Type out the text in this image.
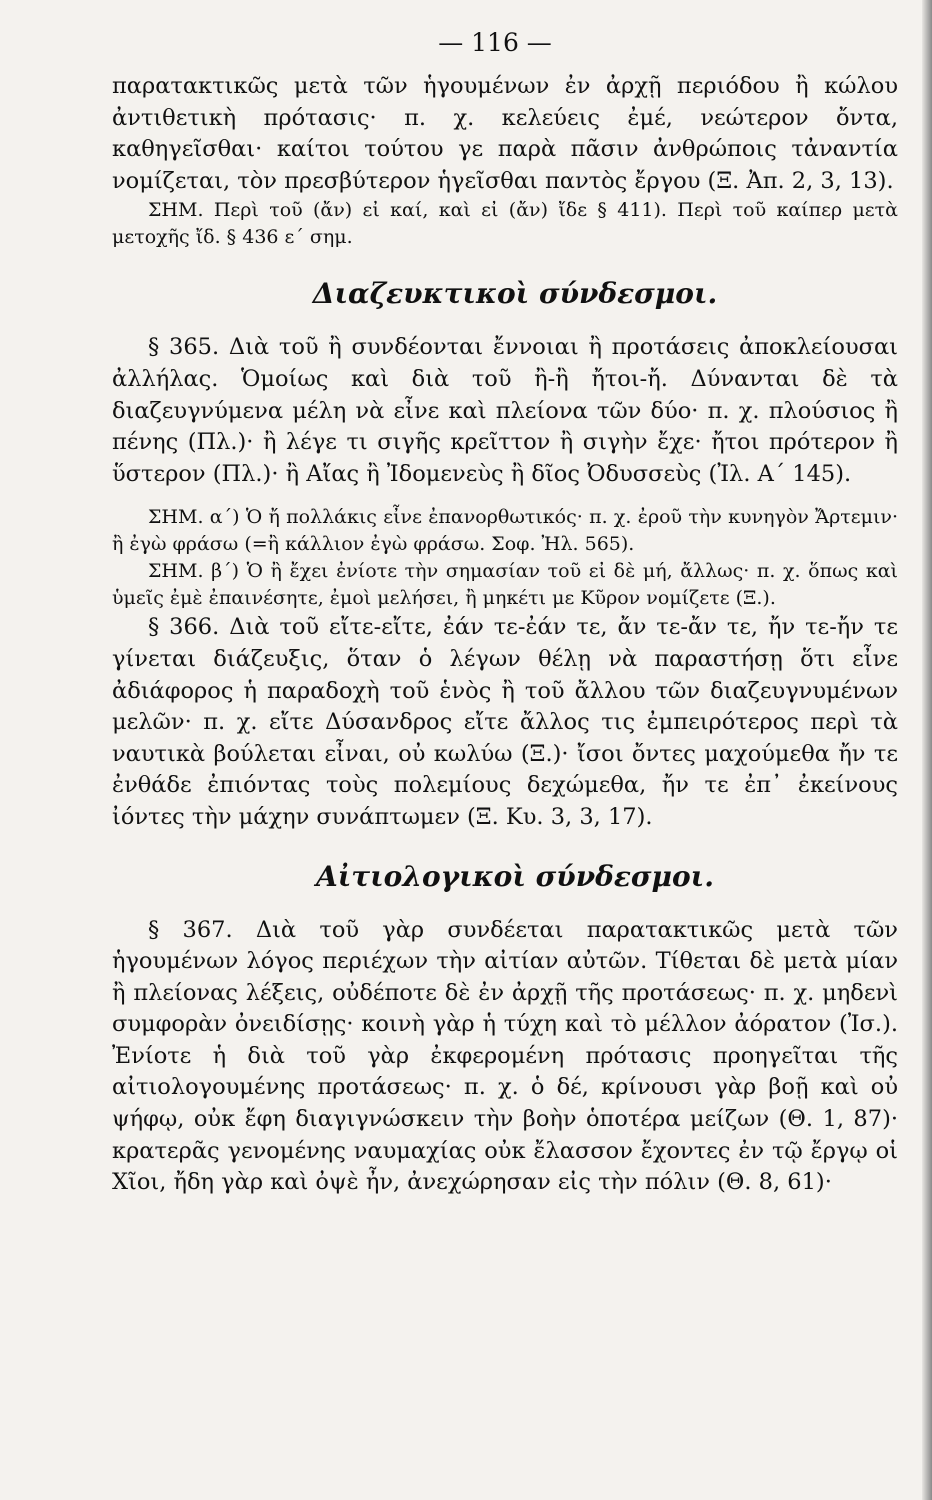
— 116 —

παρατακτικῶς μετὰ τῶν ἡγουμένων ἐν ἀρχῇ περιόδου ἢ κώλου ἀντιθετικὴ πρότασις· π. χ. κελεύεις ἐμέ, νεώτερον ὄντα, καθηγεῖσθαι· καίτοι τούτου γε παρὰ πᾶσιν ἀνθρώποις τἀναντία νομίζεται, τὸν πρεσβύτερον ἡγεῖσθαι παντὸς ἔργου (Ξ. Ἀπ. 2, 3, 13).

ΣΗΜ. Περὶ τοῦ (ἄν) εἰ καί, καὶ εἰ (ἄν) ἴδε § 411). Περὶ τοῦ καίπερ μετὰ μετοχῆς ἴδ. § 436 ε΄ σημ.

Διαζευκτικοὶ σύνδεσμοι.

§ 365. Διὰ τοῦ ἢ συνδέονται ἔννοιαι ἢ προτάσεις ἀποκλείουσαι ἀλλήλας. Ὁμοίως καὶ διὰ τοῦ ἢ-ἢ ἤτοι-ἤ. Δύνανται δὲ τὰ διαζευγνύμενα μέλη νὰ εἶνε καὶ πλείονα τῶν δύο· π. χ. πλούσιος ἢ πένης (Πλ.)· ἢ λέγε τι σιγῆς κρεῖττον ἢ σιγὴν ἔχε· ἤτοι πρότερον ἢ ὕστερον (Πλ.)· ἢ Αἴας ἢ Ἰδομενεὺς ἢ δῖος Ὀδυσσεὺς (Ἰλ. Α΄ 145).

ΣΗΜ. α΄) Ὁ ἤ πολλάκις εἶνε ἐπανορθωτικός· π. χ. ἐροῦ τὴν κυνηγὸν Ἄρτεμιν· ἢ ἐγὼ φράσω (=ἢ κάλλιον ἐγὼ φράσω. Σοφ. Ἠλ. 565).

ΣΗΜ. β΄) Ὁ ἢ ἔχει ἐνίοτε τὴν σημασίαν τοῦ εἰ δὲ μή, ἄλλως· π. χ. ὅπως καὶ ὑμεῖς ἐμὲ ἐπαινέσητε, ἐμοὶ μελήσει, ἢ μηκέτι με Κῦρον νομίζετε (Ξ.).

§ 366. Διὰ τοῦ εἴτε-εἴτε, ἐάν τε-ἐάν τε, ἄν τε-ἄν τε, ἤν τε-ἤν τε γίνεται διάζευξις, ὅταν ὁ λέγων θέλῃ νὰ παραστήσῃ ὅτι εἶνε ἀδιάφορος ἡ παραδοχὴ τοῦ ἑνὸς ἢ τοῦ ἄλλου τῶν διαζευγνυμένων μελῶν· π. χ. εἴτε Δύσανδρος εἴτε ἄλλος τις ἐμπειρότερος περὶ τὰ ναυτικὰ βούλεται εἶναι, οὐ κωλύω (Ξ.)· ἴσοι ὄντες μαχούμεθα ἤν τε ἐνθάδε ἐπιόντας τοὺς πολεμίους δεχώμεθα, ἤν τε ἐπ᾿ ἐκείνους ἰόντες τὴν μάχην συνάπτωμεν (Ξ. Κυ. 3, 3, 17).

Αἰτιολογικοὶ σύνδεσμοι.

§ 367. Διὰ τοῦ γὰρ συνδέεται παρατακτικῶς μετὰ τῶν ἡγουμένων λόγος περιέχων τὴν αἰτίαν αὐτῶν. Τίθεται δὲ μετὰ μίαν ἢ πλείονας λέξεις, οὐδέποτε δὲ ἐν ἀρχῇ τῆς προτάσεως· π. χ. μηδενὶ συμφορὰν ὀνειδίσῃς· κοινὴ γὰρ ἡ τύχη καὶ τὸ μέλλον ἀόρατον (Ἰσ.). Ἐνίοτε ἡ διὰ τοῦ γὰρ ἐκφερομένη πρότασις προηγεῖται τῆς αἰτιολογουμένης προτάσεως· π. χ. ὁ δέ, κρίνουσι γὰρ βοῇ καὶ οὐ ψήφῳ, οὐκ ἔφη διαγιγνώσκειν τὴν βοὴν ὁποτέρα μείζων (Θ. 1, 87)· κρατερᾶς γενομένης ναυμαχίας οὐκ ἔλασσον ἔχοντες ἐν τῷ ἔργῳ οἱ Χῖοι, ἤδη γὰρ καὶ ὀψὲ ἦν, ἀνεχώρησαν εἰς τὴν πόλιν (Θ. 8, 61)·
